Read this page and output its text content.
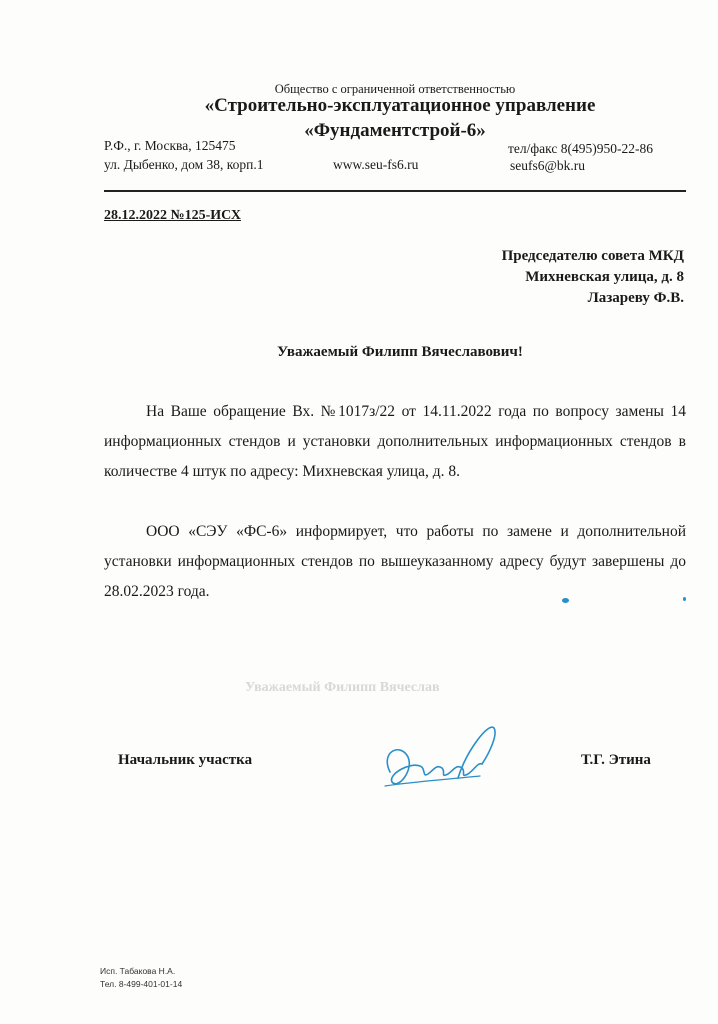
Общество с ограниченной ответственностью
«Строительно-эксплуатационное управление
«Фундаментстрой-6»
Р.Ф., г. Москва, 125475
ул. Дыбенко, дом 38, корп.1	www.seu-fs6.ru
тел/факс 8(495)950-22-86
seufs6@bk.ru
28.12.2022 №125-ИСХ
Председателю совета МКД
Михневская улица, д. 8
Лазареву Ф.В.
Уважаемый Филипп Вячеславович!
На Ваше обращение Вх. №1017з/22 от 14.11.2022 года по вопросу замены 14 информационных стендов и установки дополнительных информационных стендов в количестве 4 штук по адресу: Михневская улица, д. 8.
ООО «СЭУ «ФС-6» информирует, что работы по замене и дополнительной установки информационных стендов по вышеуказанному адресу будут завершены до 28.02.2023 года.
Уважаемый Филипп Вячеслав
Начальник участка	Т.Г. Этина
Исп. Табакова Н.А.
Тел. 8-499-401-01-14
